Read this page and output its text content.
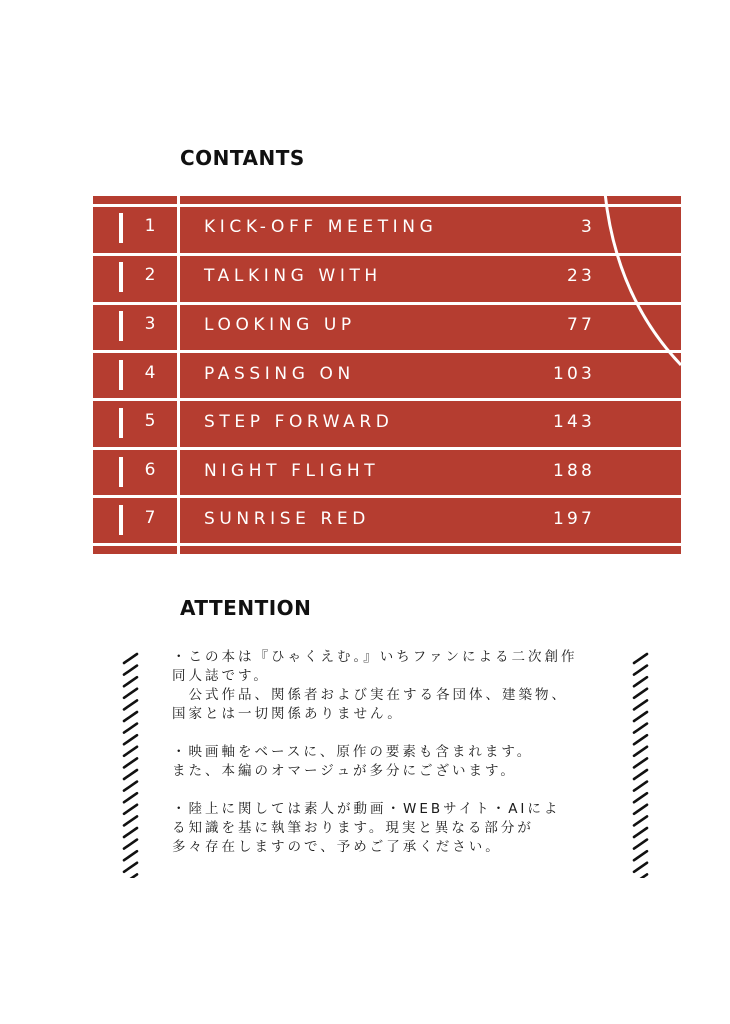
CONTANTS
1	KICK-OFF MEETING	3
2	TALKING WITH	23
3	LOOKING UP	77
4	PASSING ON	103
5	STEP FORWARD	143
6	NIGHT FLIGHT	188
7	SUNRISE RED	197
ATTENTION

・この本は『ひゃくえむ。』いちファンによる二次創作

同人誌です。

　公式作品、関係者および実在する各団体、建築物、

国家とは一切関係ありません。

・映画軸をベースに、原作の要素も含まれます。

また、本編のオマージュが多分にございます。

・陸上に関しては素人が動画・WEBサイト・AIによ

る知識を基に執筆おります。現実と異なる部分が

多々存在しますので、予めご了承ください。
